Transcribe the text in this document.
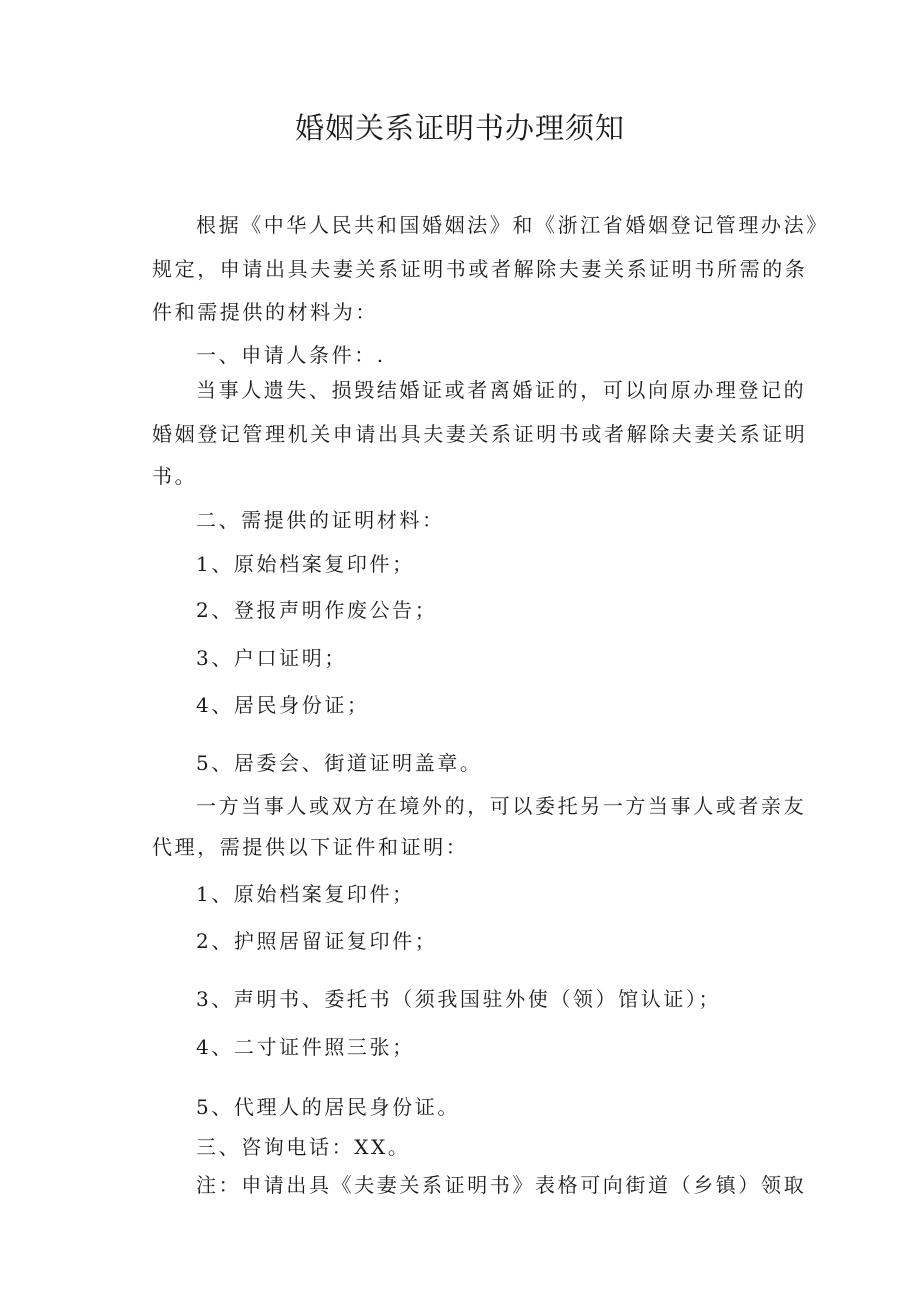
婚姻关系证明书办理须知
根据《中华人民共和国婚姻法》和《浙江省婚姻登记管理办法》
规定，申请出具夫妻关系证明书或者解除夫妻关系证明书所需的条
件和需提供的材料为：
一、申请人条件：.
当事人遗失、损毁结婚证或者离婚证的，可以向原办理登记的
婚姻登记管理机关申请出具夫妻关系证明书或者解除夫妻关系证明
书。
二、需提供的证明材料：
1、原始档案复印件；
2、登报声明作废公告；
3、户口证明；
4、居民身份证；
5、居委会、街道证明盖章。
一方当事人或双方在境外的，可以委托另一方当事人或者亲友
代理，需提供以下证件和证明：
1、原始档案复印件；
2、护照居留证复印件；
3、声明书、委托书（须我国驻外使（领）馆认证）；
4、二寸证件照三张；
5、代理人的居民身份证。
三、咨询电话：XX。
注：申请出具《夫妻关系证明书》表格可向街道（乡镇）领取
